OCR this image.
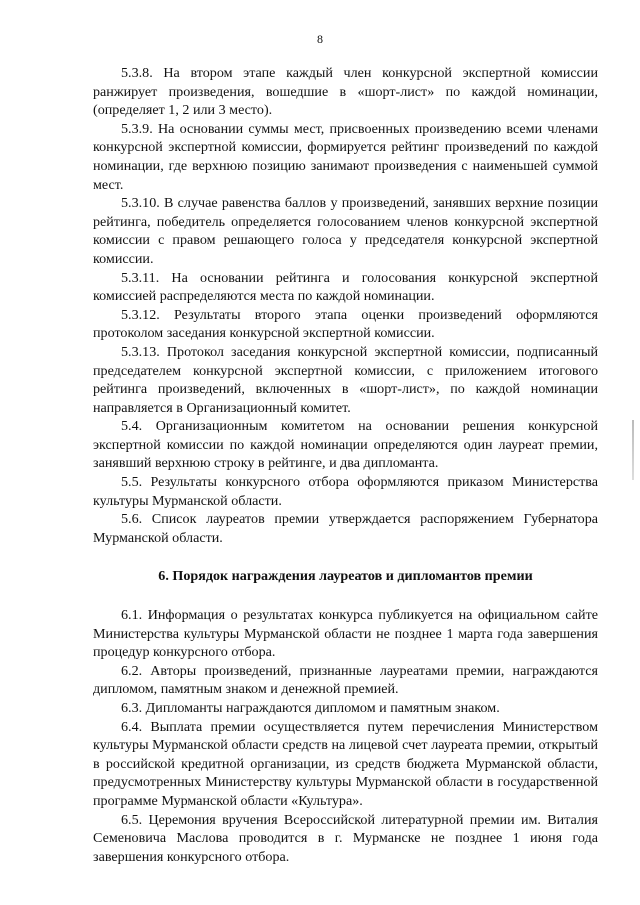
8

5.3.8. На втором этапе каждый член конкурсной экспертной комиссии ранжирует произведения, вошедшие в «шорт-лист» по каждой номинации, (определяет 1, 2 или 3 место).

5.3.9. На основании суммы мест, присвоенных произведению всеми членами конкурсной экспертной комиссии, формируется рейтинг произведений по каждой номинации, где верхнюю позицию занимают произведения с наименьшей суммой мест.

5.3.10. В случае равенства баллов у произведений, занявших верхние позиции рейтинга, победитель определяется голосованием членов конкурсной экспертной комиссии с правом решающего голоса у председателя конкурсной экспертной комиссии.

5.3.11. На основании рейтинга и голосования конкурсной экспертной комиссией распределяются места по каждой номинации.

5.3.12. Результаты второго этапа оценки произведений оформляются протоколом заседания конкурсной экспертной комиссии.

5.3.13. Протокол заседания конкурсной экспертной комиссии, подписанный председателем конкурсной экспертной комиссии, с приложением итогового рейтинга произведений, включенных в «шорт-лист», по каждой номинации направляется в Организационный комитет.

5.4. Организационным комитетом на основании решения конкурсной экспертной комиссии по каждой номинации определяются один лауреат премии, занявший верхнюю строку в рейтинге, и два дипломанта.

5.5. Результаты конкурсного отбора оформляются приказом Министерства культуры Мурманской области.

5.6. Список лауреатов премии утверждается распоряжением Губернатора Мурманской области.

6. Порядок награждения лауреатов и дипломантов премии

6.1. Информация о результатах конкурса публикуется на официальном сайте Министерства культуры Мурманской области не позднее 1 марта года завершения процедур конкурсного отбора.

6.2. Авторы произведений, признанные лауреатами премии, награждаются дипломом, памятным знаком и денежной премией.

6.3. Дипломанты награждаются дипломом и памятным знаком.

6.4. Выплата премии осуществляется путем перечисления Министерством культуры Мурманской области средств на лицевой счет лауреата премии, открытый в российской кредитной организации, из средств бюджета Мурманской области, предусмотренных Министерству культуры Мурманской области в государственной программе Мурманской области «Культура».

6.5. Церемония вручения Всероссийской литературной премии им. Виталия Семеновича Маслова проводится в г. Мурманске не позднее 1 июня года завершения конкурсного отбора.
